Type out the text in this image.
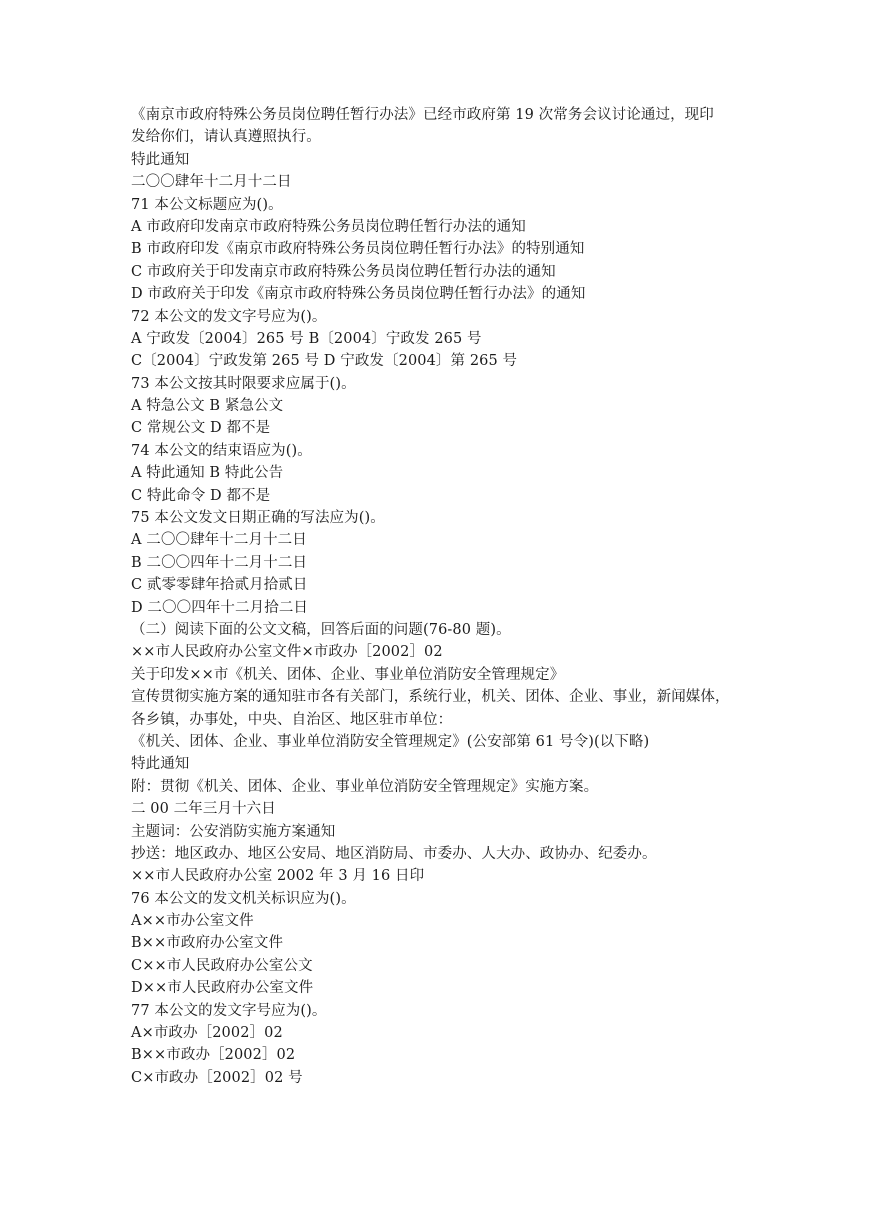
《南京市政府特殊公务员岗位聘任暂行办法》已经市政府第 19 次常务会议讨论通过，现印
发给你们，请认真遵照执行。
特此通知
二〇〇肆年十二月十二日
71 本公文标题应为()。
A 市政府印发南京市政府特殊公务员岗位聘任暂行办法的通知
B 市政府印发《南京市政府特殊公务员岗位聘任暂行办法》的特别通知
C 市政府关于印发南京市政府特殊公务员岗位聘任暂行办法的通知
D 市政府关于印发《南京市政府特殊公务员岗位聘任暂行办法》的通知
72 本公文的发文字号应为()。
A 宁政发〔2004〕265 号 B〔2004〕宁政发 265 号
C〔2004〕宁政发第 265 号 D 宁政发〔2004〕第 265 号
73 本公文按其时限要求应属于()。
A 特急公文 B 紧急公文
C 常规公文 D 都不是
74 本公文的结束语应为()。
A 特此通知 B 特此公告
C 特此命令 D 都不是
75 本公文发文日期正确的写法应为()。
A 二〇〇肆年十二月十二日
B 二〇〇四年十二月十二日
C 贰零零肆年拾贰月拾贰日
D 二〇〇四年十二月拾二日
（二）阅读下面的公文文稿，回答后面的问题(76-80 题)。
××市人民政府办公室文件×市政办［2002］02
关于印发××市《机关、团体、企业、事业单位消防安全管理规定》
宣传贯彻实施方案的通知驻市各有关部门，系统行业，机关、团体、企业、事业，新闻媒体，
各乡镇，办事处，中央、自治区、地区驻市单位：
《机关、团体、企业、事业单位消防安全管理规定》(公安部第 61 号令)(以下略)
特此通知
附：贯彻《机关、团体、企业、事业单位消防安全管理规定》实施方案。
二 00 二年三月十六日
主题词：公安消防实施方案通知
抄送：地区政办、地区公安局、地区消防局、市委办、人大办、政协办、纪委办。
××市人民政府办公室 2002 年 3 月 16 日印
76 本公文的发文机关标识应为()。
A××市办公室文件
B××市政府办公室文件
C××市人民政府办公室公文
D××市人民政府办公室文件
77 本公文的发文字号应为()。
A×市政办［2002］02
B××市政办［2002］02
C×市政办［2002］02 号
